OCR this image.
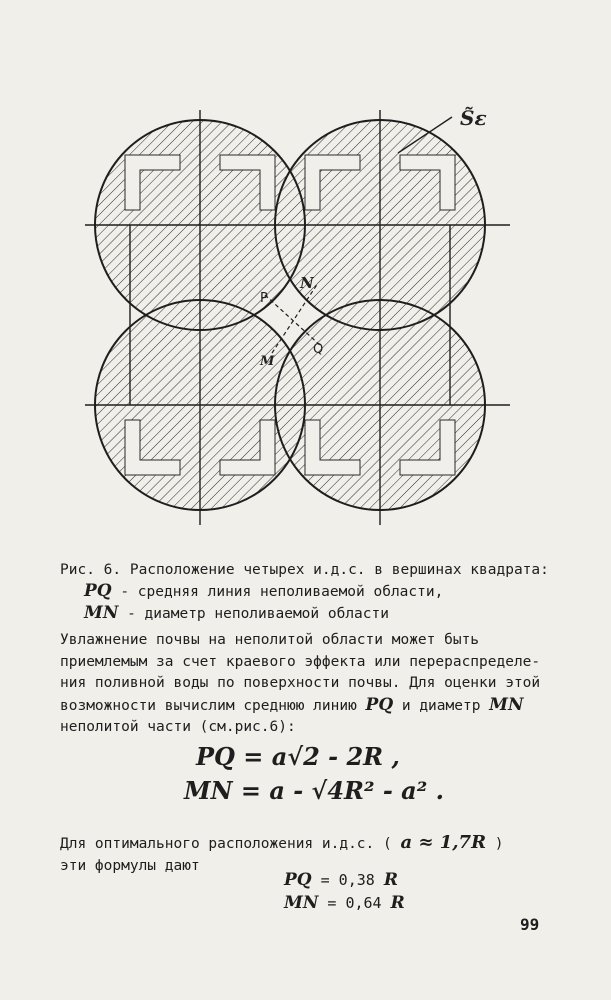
S̃ε
N
P
M
Q
Рис. 6. Расположение четырех и.д.с. в вершинах квадрата:
PQ - средняя линия неполиваемой области,
MN - диаметр неполиваемой области
Увлажнение почвы на неполитой области может быть
приемлемым за счет краевого эффекта или перераспределе-
ния поливной воды по поверхности почвы. Для оценки этой
возможности вычислим среднюю линию PQ и диаметр MN
неполитой части (см.рис.6):
PQ = a√2 - 2R ,
MN = a - √4R² - a² .
Для оптимального расположения и.д.с. ( a ≈ 1,7R )
эти формулы дают
PQ = 0,38 R
MN = 0,64 R
99
